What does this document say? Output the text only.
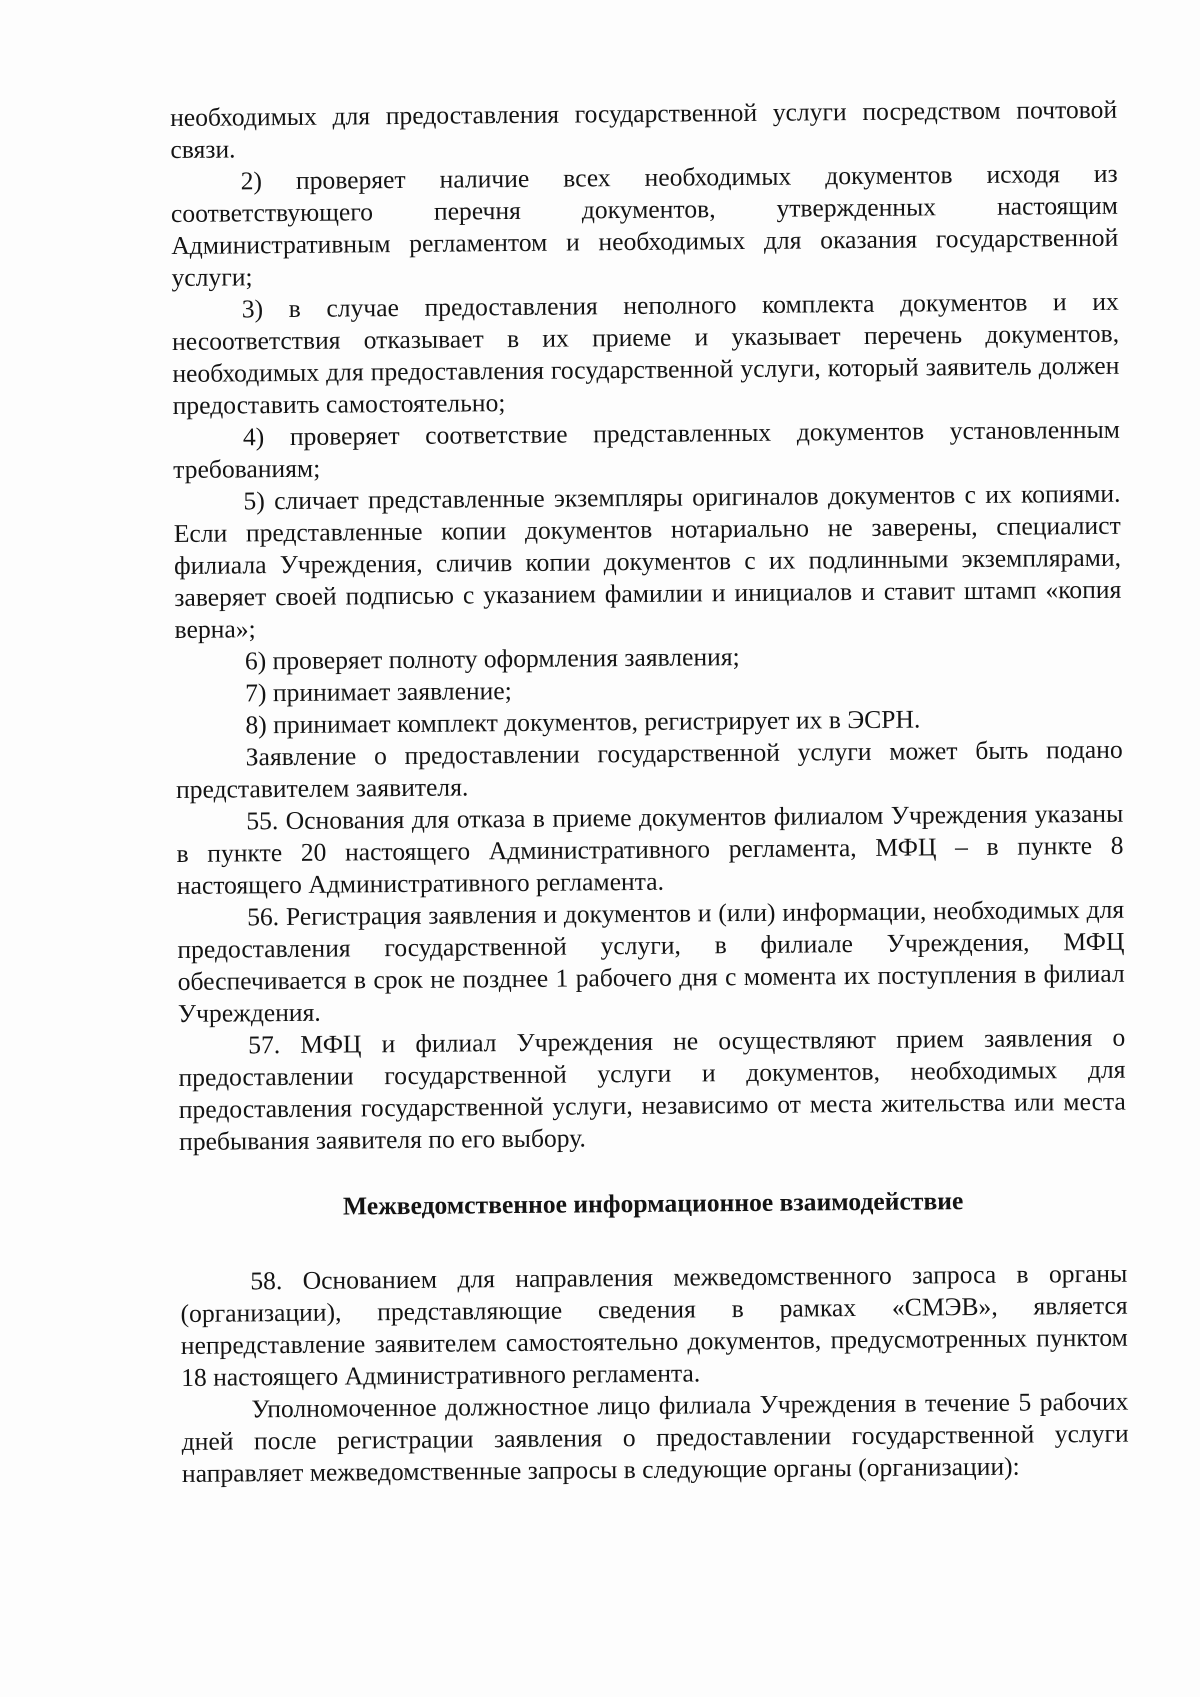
необходимых для предоставления государственной услуги посредством почтовой связи.

2) проверяет наличие всех необходимых документов исходя из соответствующего перечня документов, утвержденных настоящим Административным регламентом и необходимых для оказания государственной услуги;

3) в случае предоставления неполного комплекта документов и их несоответствия отказывает в их приеме и указывает перечень документов, необходимых для предоставления государственной услуги, который заявитель должен предоставить самостоятельно;

4) проверяет соответствие представленных документов установленным требованиям;

5) сличает представленные экземпляры оригиналов документов с их копиями. Если представленные копии документов нотариально не заверены, специалист филиала Учреждения, сличив копии документов с их подлинными экземплярами, заверяет своей подписью с указанием фамилии и инициалов и ставит штамп «копия верна»;

6) проверяет полноту оформления заявления;

7) принимает заявление;

8) принимает комплект документов, регистрирует их в ЭСРН.

Заявление о предоставлении государственной услуги может быть подано представителем заявителя.

55. Основания для отказа в приеме документов филиалом Учреждения указаны в пункте 20 настоящего Административного регламента, МФЦ – в пункте 8 настоящего Административного регламента.

56. Регистрация заявления и документов и (или) информации, необходимых для предоставления государственной услуги, в филиале Учреждения, МФЦ обеспечивается в срок не позднее 1 рабочего дня с момента их поступления в филиал Учреждения.

57. МФЦ и филиал Учреждения не осуществляют прием заявления о предоставлении государственной услуги и документов, необходимых для предоставления государственной услуги, независимо от места жительства или места пребывания заявителя по его выбору.

Межведомственное информационное взаимодействие

58. Основанием для направления межведомственного запроса в органы (организации), представляющие сведения в рамках «СМЭВ», является непредставление заявителем самостоятельно документов, предусмотренных пунктом 18 настоящего Административного регламента.

Уполномоченное должностное лицо филиала Учреждения в течение 5 рабочих дней после регистрации заявления о предоставлении государственной услуги направляет межведомственные запросы в следующие органы (организации):
